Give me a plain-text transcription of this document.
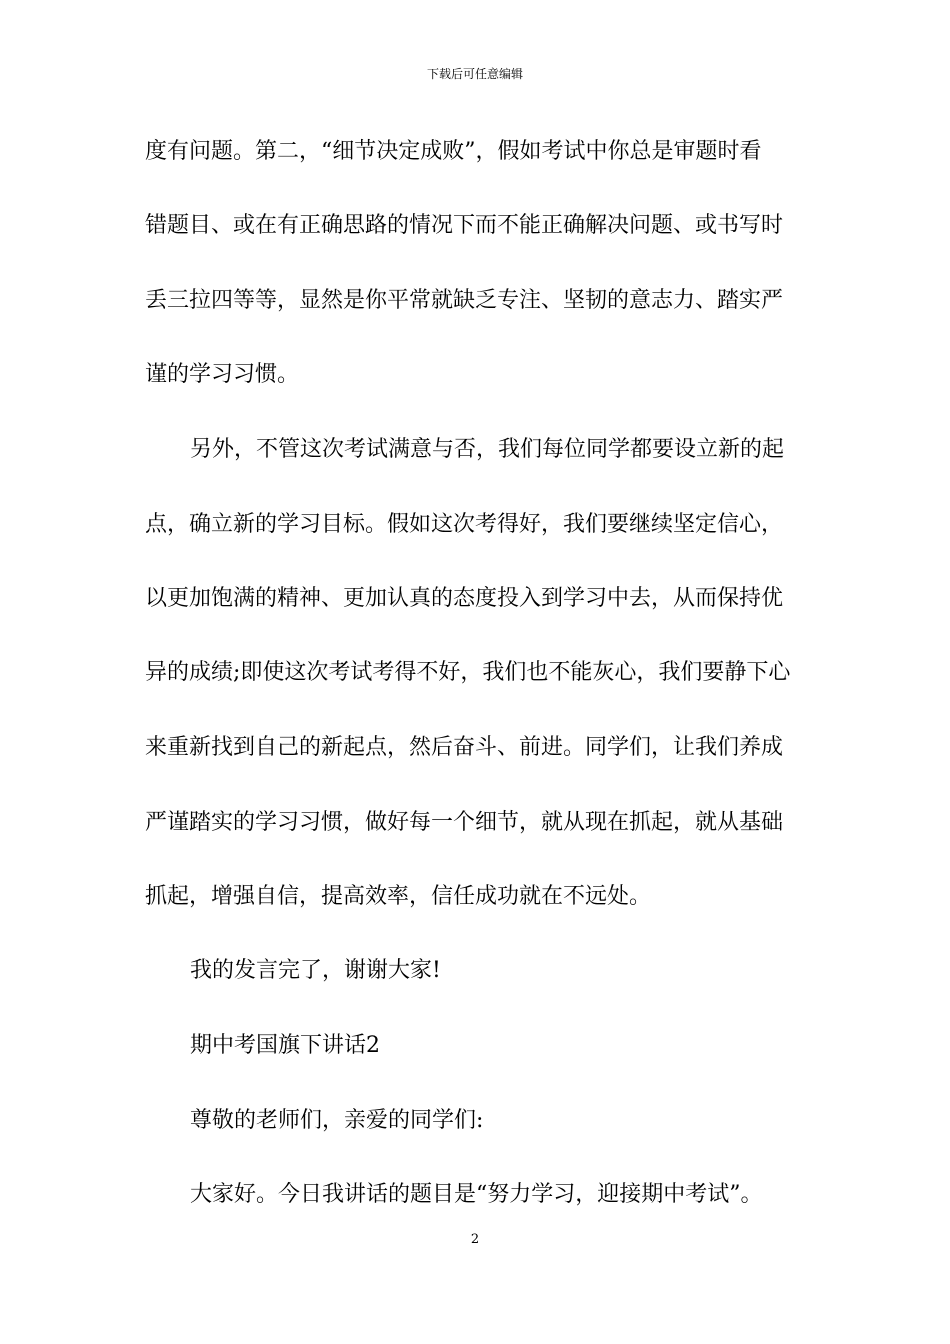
下载后可任意编辑
度有问题。第二，“细节决定成败”，假如考试中你总是审题时看
错题目、或在有正确思路的情况下而不能正确解决问题、或书写时
丢三拉四等等，显然是你平常就缺乏专注、坚韧的意志力、踏实严
谨的学习习惯。
另外，不管这次考试满意与否，我们每位同学都要设立新的起
点，确立新的学习目标。假如这次考得好，我们要继续坚定信心，
以更加饱满的精神、更加认真的态度投入到学习中去，从而保持优
异的成绩;即使这次考试考得不好，我们也不能灰心，我们要静下心
来重新找到自己的新起点，然后奋斗、前进。同学们，让我们养成
严谨踏实的学习习惯，做好每一个细节，就从现在抓起，就从基础
抓起，增强自信，提高效率，信任成功就在不远处。
我的发言完了，谢谢大家!
期中考国旗下讲话2
尊敬的老师们，亲爱的同学们:
大家好。今日我讲话的题目是“努力学习，迎接期中考试”。
2
